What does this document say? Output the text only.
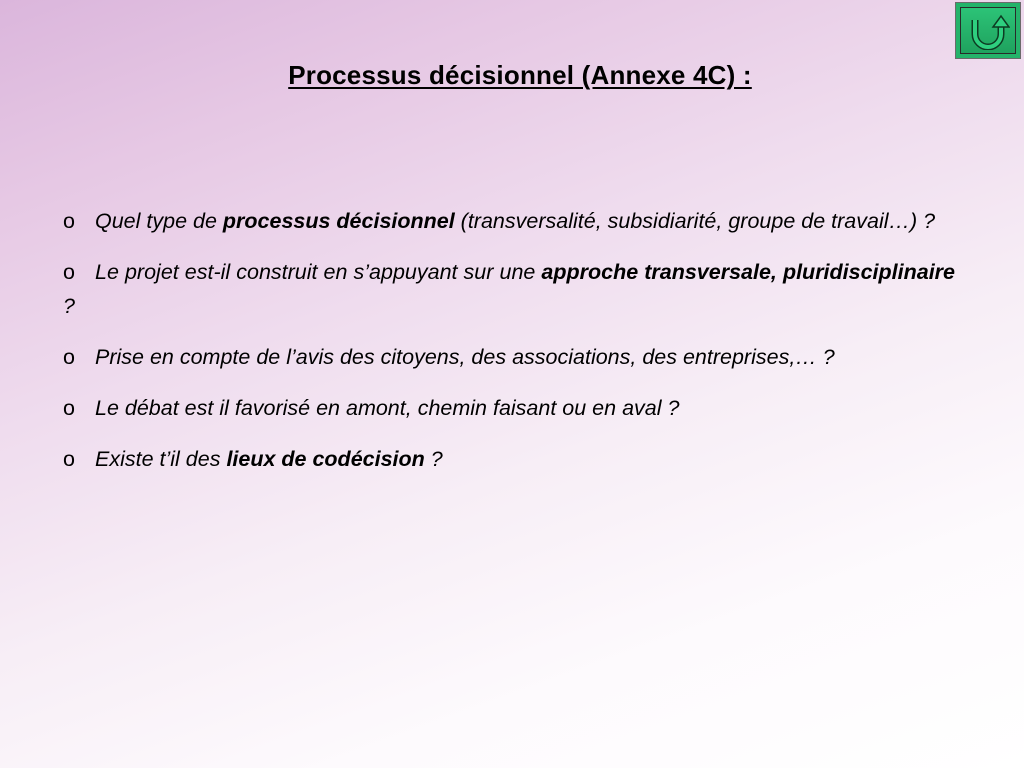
Processus décisionnel (Annexe 4C) :
o Quel type de processus décisionnel (transversalité, subsidiarité, groupe de travail…) ?
o Le projet est-il construit en s’appuyant sur une approche transversale, pluridisciplinaire ?
o Prise en compte de l’avis des citoyens, des associations, des entreprises,… ?
o Le débat est il favorisé en amont, chemin faisant ou en aval ?
o Existe t’il des lieux de codécision ?
